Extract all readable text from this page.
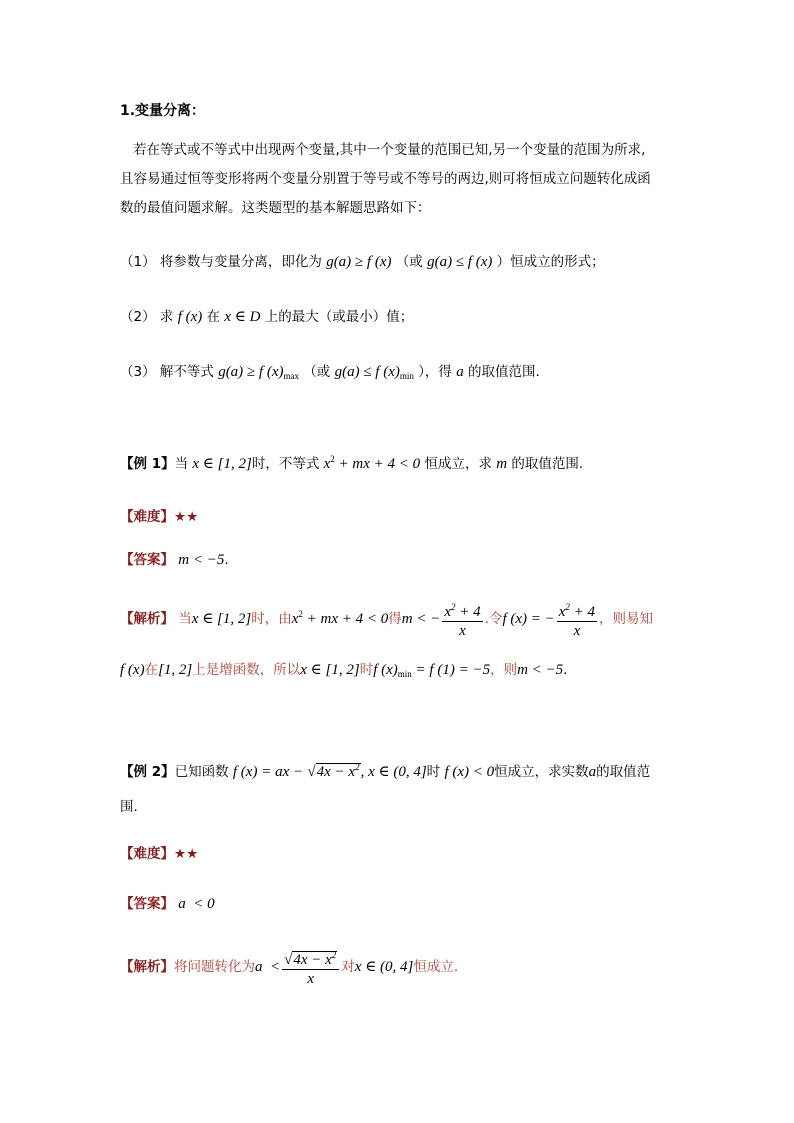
1.变量分离：

若在等式或不等式中出现两个变量,其中一个变量的范围已知,另一个变量的范围为所求,

且容易通过恒等变形将两个变量分别置于等号或不等号的两边,则可将恒成立问题转化成函

数的最值问题求解。这类题型的基本解题思路如下：

（1） 将参数与变量分离，即化为 g(a) ≥ f (x) （或 g(a) ≤ f (x) ）恒成立的形式；
（2） 求 f (x) 在 x ∈ D 上的最大（或最小）值；
（3） 解不等式 g(a) ≥ f $(x)_{max}$ （或 g(a) ≤ f $(x)_{min}$ ），得 a 的取值范围.
【例 1】当 x ∈ [1, 2]时，不等式 $x^2$ + mx + 4 < 0 恒成立，求 m 的取值范围.
【难度】★★
【答案】 m < −5.
【解析】 当x ∈ [1, 2]时，由$x^2$ + mx + 4 < 0得m < − $\frac{x^2 + 4}{x}$ .令f (x) = − $\frac{x^2 + 4}{x}$ ，则易知
f (x)在[1, 2]上是增函数，所以x ∈ [1, 2]时f $(x)_{min} = f$ (1) = −5，则m < −5.
【例 2】已知函数 f (x) = ax − $√4x - x^2$, x ∈ (0, 4]时 f (x) < 0恒成立，求实数a的取值范
围.
【难度】★★
【答案】 a  < 0
【解析】将问题转化为$a < \frac{√4x - x^2}{x}$ 对x ∈ (0, 4]恒成立.
